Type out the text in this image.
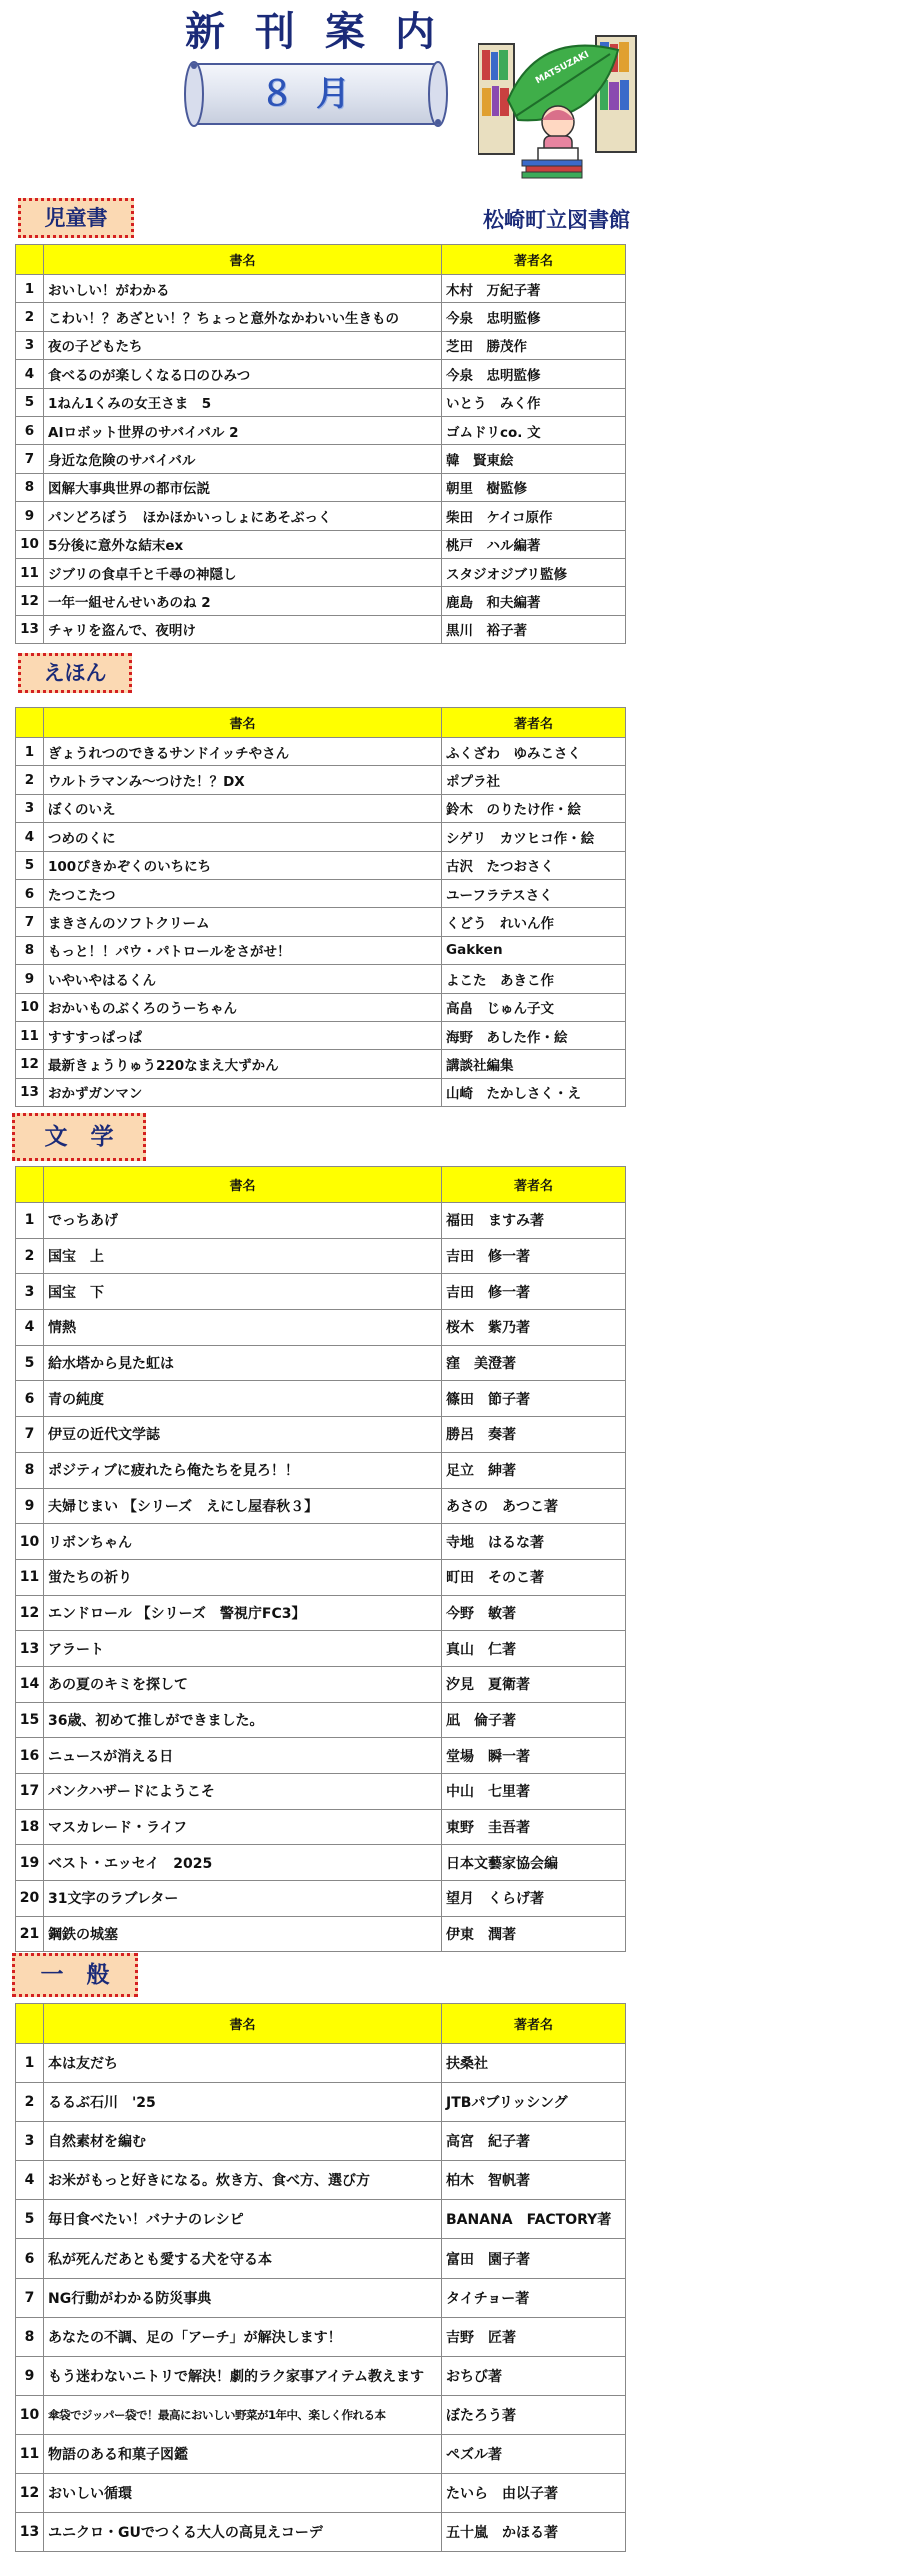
新刊案内
８月
MATSUZAKI
松崎町立図書館
児童書
えほん
文　学
一　般
	書名	著者名
1	おいしい！がわかる	木村　万紀子著
2	こわい！？あざとい！？ちょっと意外なかわいい生きもの	今泉　忠明監修
3	夜の子どもたち	芝田　勝茂作
4	食べるのが楽しくなる口のひみつ	今泉　忠明監修
5	1ねん1くみの女王さま　5	いとう　みく作
6	AIロボット世界のサバイバル 2	ゴムドリco. 文
7	身近な危険のサバイバル	韓　賢東絵
8	図解大事典世界の都市伝説	朝里　樹監修
9	パンどろぼう　ほかほかいっしょにあそぶっく	柴田　ケイコ原作
10	5分後に意外な結末ex	桃戸　ハル編著
11	ジブリの食卓千と千尋の神隠し	スタジオジブリ監修
12	一年一組せんせいあのね 2	鹿島　和夫編著
13	チャリを盗んで、夜明け	黒川　裕子著
	書名	著者名
1	ぎょうれつのできるサンドイッチやさん	ふくざわ　ゆみこさく
2	ウルトラマンみ～つけた！？DX	ポプラ社
3	ぼくのいえ	鈴木　のりたけ作・絵
4	つめのくに	シゲリ　カツヒコ作・絵
5	100ぴきかぞくのいちにち	古沢　たつおさく
6	たつこたつ	ユーフラテスさく
7	まきさんのソフトクリーム	くどう　れいん作
8	もっと！！パウ・パトロールをさがせ！	Gakken
9	いやいやはるくん	よこた　あきこ作
10	おかいものぶくろのうーちゃん	高畠　じゅん子文
11	すすすっぱっぱ	海野　あした作・絵
12	最新きょうりゅう220なまえ大ずかん	講談社編集
13	おかずガンマン	山崎　たかしさく・え
	書名	著者名
1	でっちあげ	福田　ますみ著
2	国宝　上	吉田　修一著
3	国宝　下	吉田　修一著
4	情熱	桜木　紫乃著
5	給水塔から見た虹は	窪　美澄著
6	青の純度	篠田　節子著
7	伊豆の近代文学誌	勝呂　奏著
8	ポジティブに疲れたら俺たちを見ろ！！	足立　紳著
9	夫婦じまい 【シリーズ　えにし屋春秋３】	あさの　あつこ著
10	リボンちゃん	寺地　はるな著
11	蛍たちの祈り	町田　そのこ著
12	エンドロール 【シリーズ　警視庁FC3】	今野　敏著
13	アラート	真山　仁著
14	あの夏のキミを探して	汐見　夏衛著
15	36歳、初めて推しができました。	凪　倫子著
16	ニュースが消える日	堂場　瞬一著
17	バンクハザードにようこそ	中山　七里著
18	マスカレード・ライフ	東野　圭吾著
19	ベスト・エッセイ　2025	日本文藝家協会編
20	31文字のラブレター	望月　くらげ著
21	鋼鉄の城塞	伊東　潤著
	書名	著者名
1	本は友だち	扶桑社
2	るるぶ石川　'25	JTBパブリッシング
3	自然素材を編む	高宮　紀子著
4	お米がもっと好きになる。炊き方、食べ方、選び方	柏木　智帆著
5	毎日食べたい！バナナのレシピ	BANANA　FACTORY著
6	私が死んだあとも愛する犬を守る本	富田　園子著
7	NG行動がわかる防災事典	タイチョー著
8	あなたの不調、足の「アーチ」が解決します！	吉野　匠著
9	もう迷わないニトリで解決！劇的ラク家事アイテム教えます	おちび著
10	傘袋でジッパー袋で！最高においしい野菜が1年中、楽しく作れる本	ぼたろう著
11	物語のある和菓子図鑑	ペズル著
12	おいしい循環	たいら　由以子著
13	ユニクロ・GUでつくる大人の高見えコーデ	五十嵐　かほる著
